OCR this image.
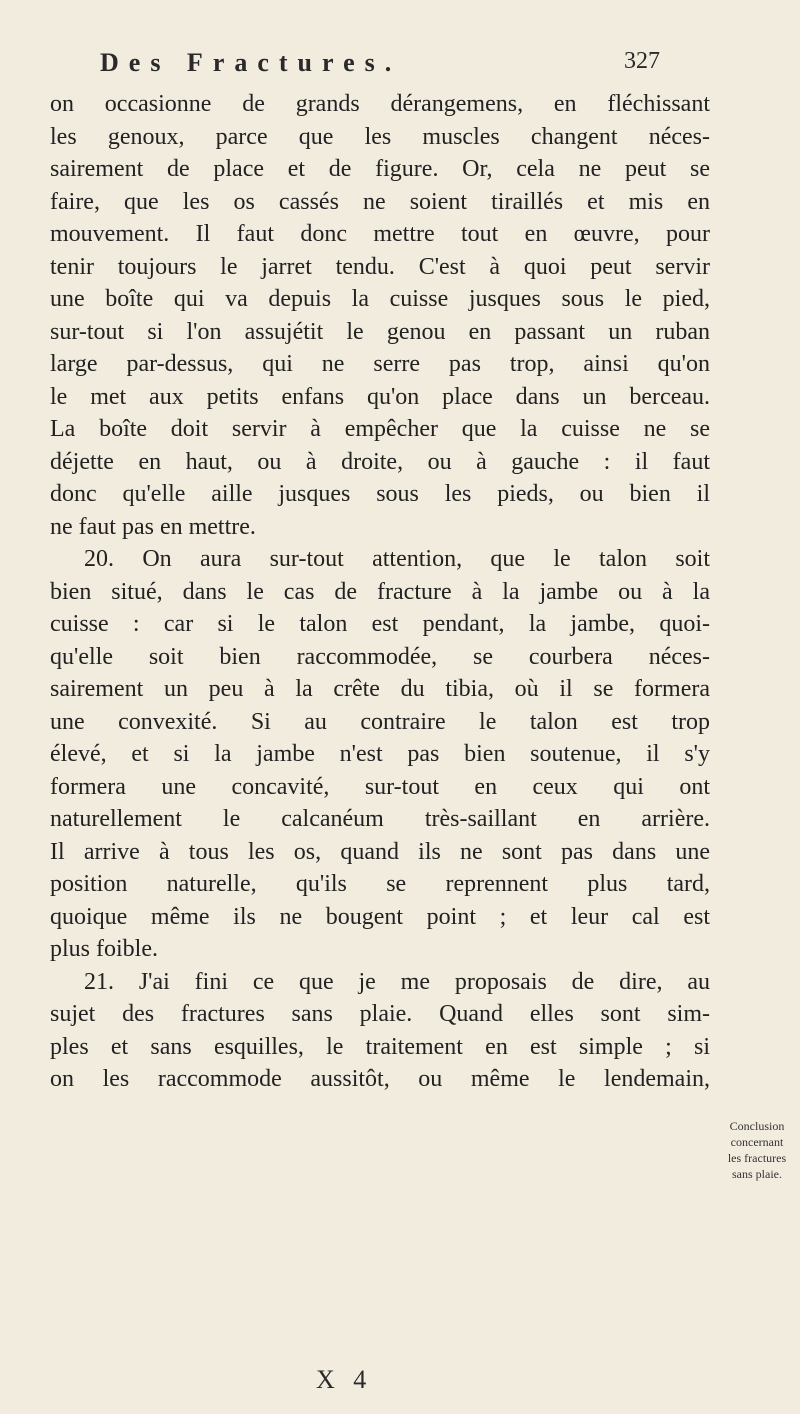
Des Fractures.	327
on occasionne de grands dérangemens, en fléchissant
les genoux, parce que les muscles changent néces-
sairement de place et de figure. Or, cela ne peut se
faire, que les os cassés ne soient tiraillés et mis en
mouvement. Il faut donc mettre tout en œuvre, pour
tenir toujours le jarret tendu. C'est à quoi peut servir
une boîte qui va depuis la cuisse jusques sous le pied,
sur-tout si l'on assujétit le genou en passant un ruban
large par-dessus, qui ne serre pas trop, ainsi qu'on
le met aux petits enfans qu'on place dans un berceau.
La boîte doit servir à empêcher que la cuisse ne se
déjette en haut, ou à droite, ou à gauche : il faut
donc qu'elle aille jusques sous les pieds, ou bien il
ne faut pas en mettre.
20. On aura sur-tout attention, que le talon soit
bien situé, dans le cas de fracture à la jambe ou à la
cuisse : car si le talon est pendant, la jambe, quoi-
qu'elle soit bien raccommodée, se courbera néces-
sairement un peu à la crête du tibia, où il se formera
une convexité. Si au contraire le talon est trop
élevé, et si la jambe n'est pas bien soutenue, il s'y
formera une concavité, sur-tout en ceux qui ont
naturellement le calcanéum très-saillant en arrière.
Il arrive à tous les os, quand ils ne sont pas dans une
position naturelle, qu'ils se reprennent plus tard,
quoique même ils ne bougent point ; et leur cal est
plus foible.
21. J'ai fini ce que je me proposais de dire, au
sujet des fractures sans plaie. Quand elles sont sim-
ples et sans esquilles, le traitement en est simple ; si
on les raccommode aussitôt, ou même le lendemain,
Conclusion
concernant
les fractures
sans plaie.
X 4
